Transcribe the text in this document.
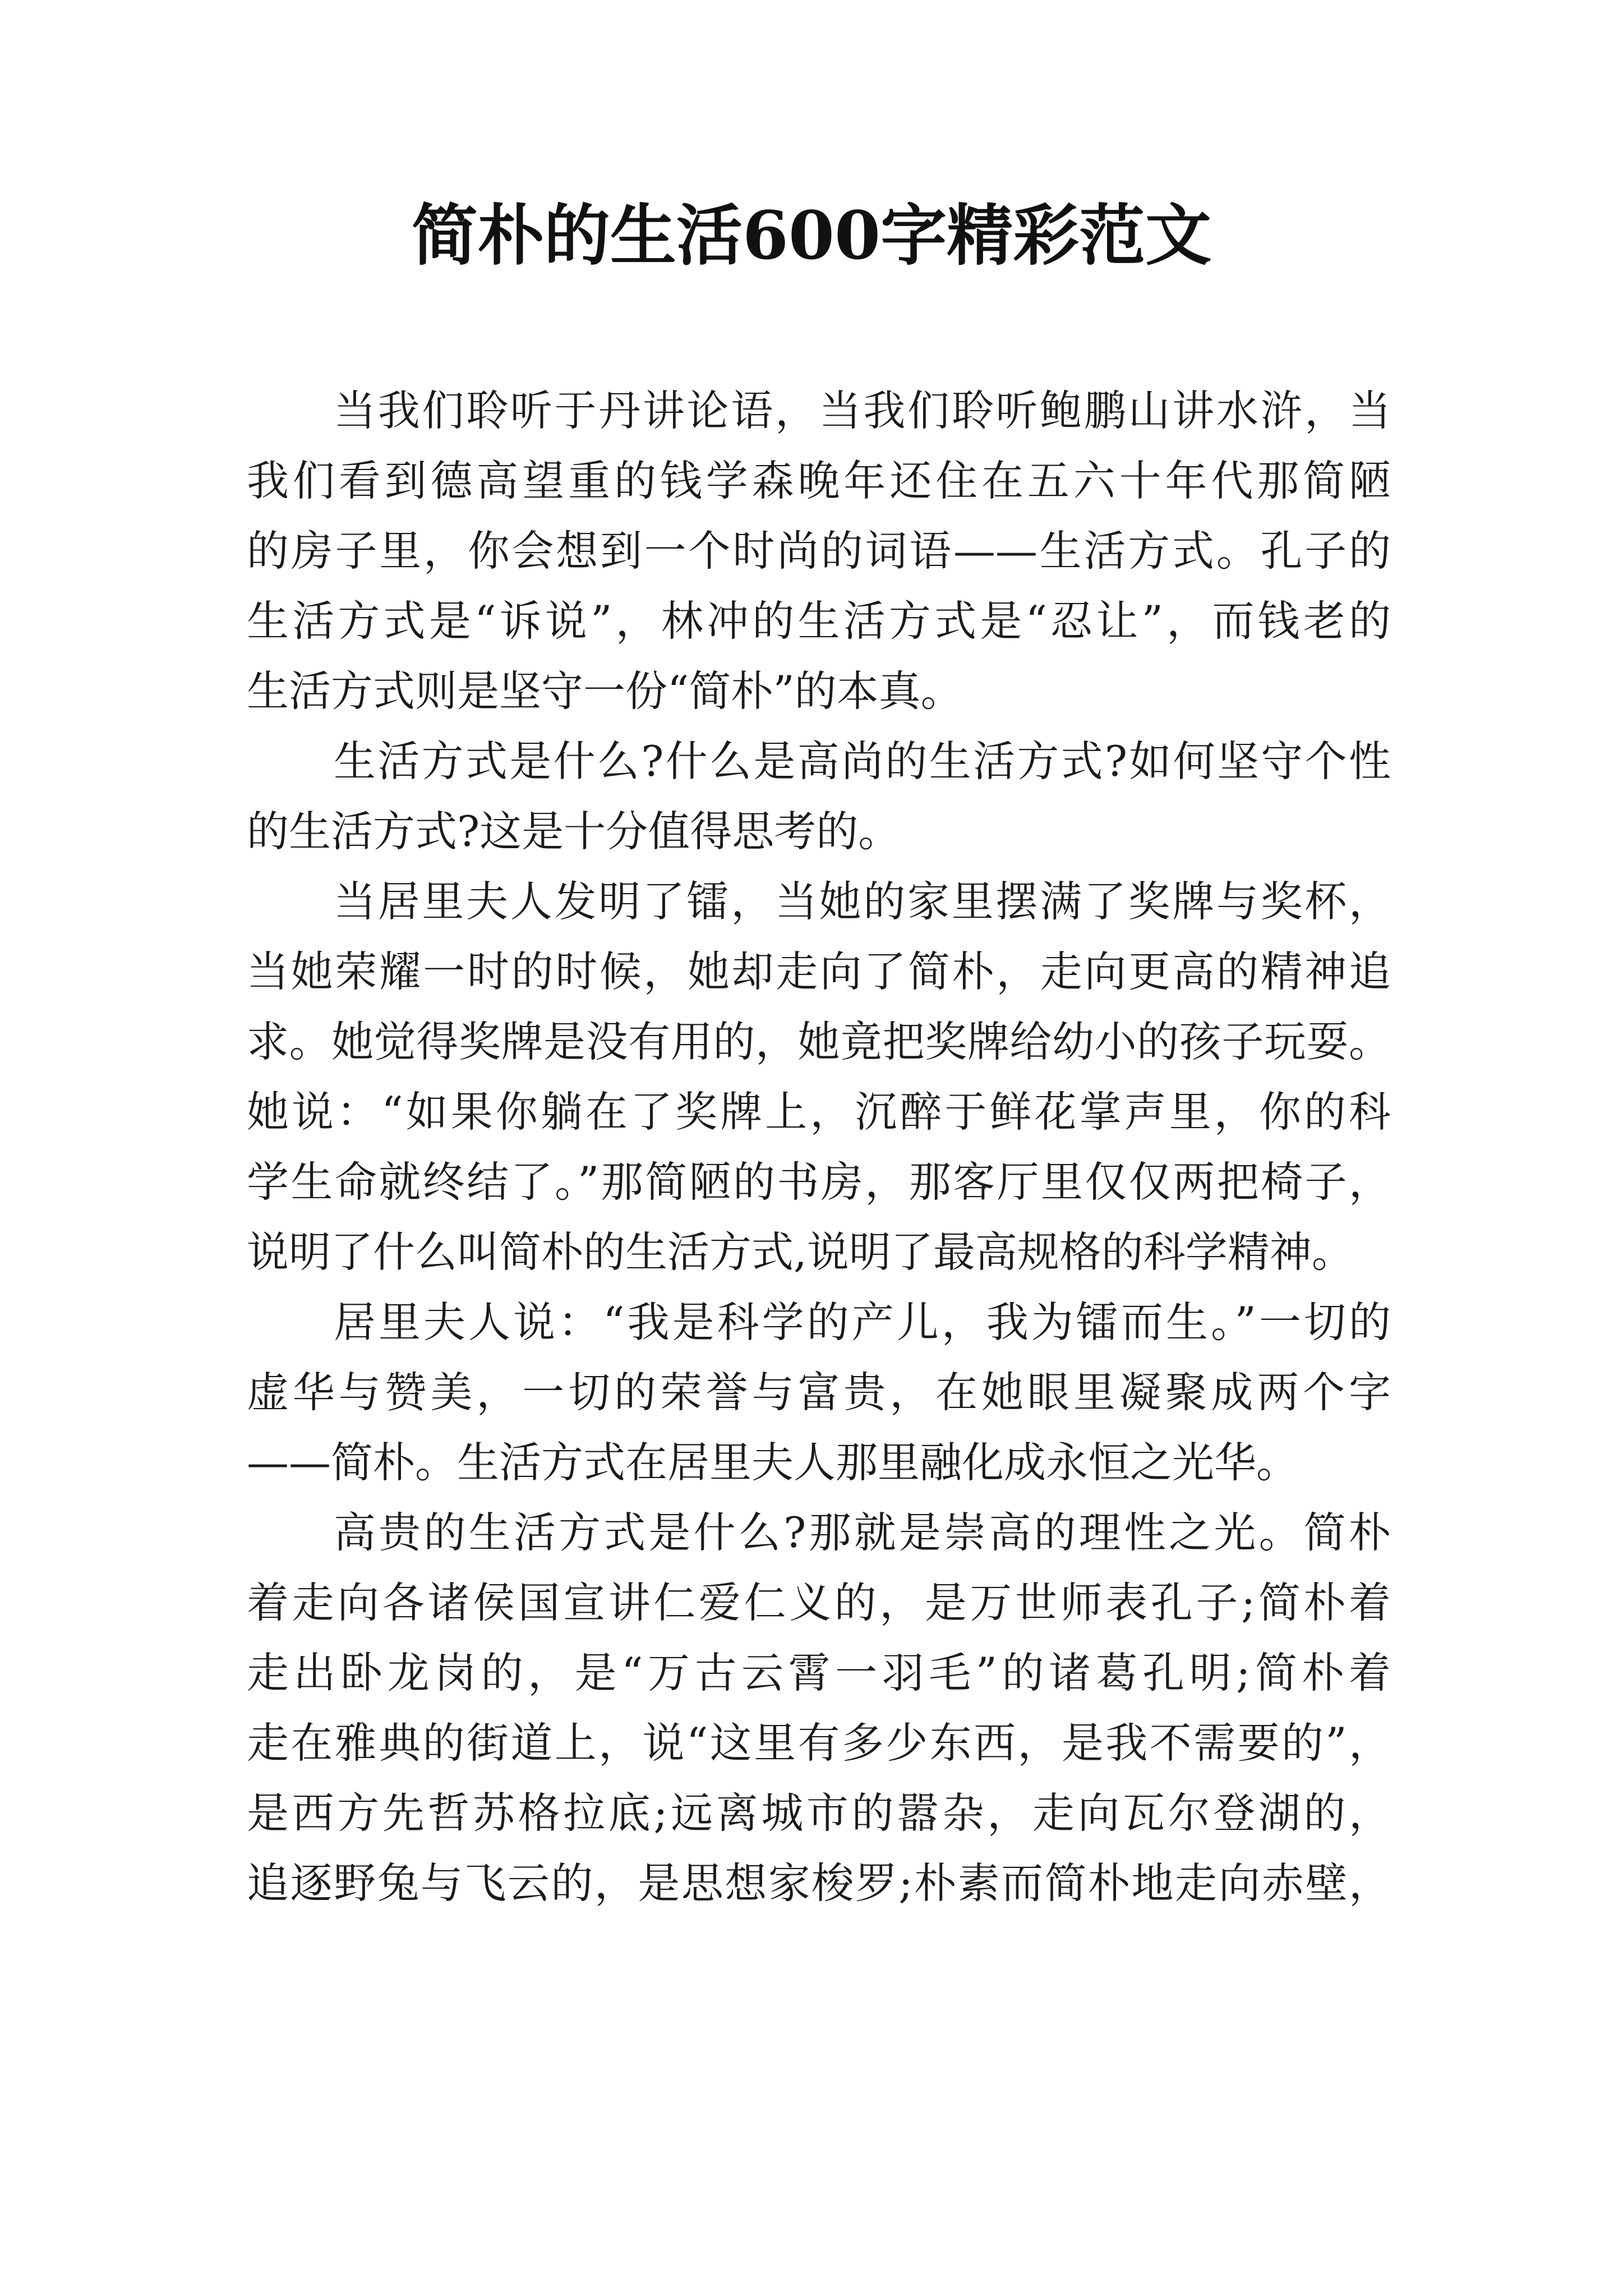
简朴的生活600字精彩范文
当我们聆听于丹讲论语，当我们聆听鲍鹏山讲水浒，当
我们看到德高望重的钱学森晚年还住在五六十年代那简陋
的房子里，你会想到一个时尚的词语——生活方式。孔子的
生活方式是“诉说”，林冲的生活方式是“忍让”，而钱老的
生活方式则是坚守一份“简朴”的本真。
生活方式是什么?什么是高尚的生活方式?如何坚守个性
的生活方式?这是十分值得思考的。
当居里夫人发明了镭，当她的家里摆满了奖牌与奖杯，
当她荣耀一时的时候，她却走向了简朴，走向更高的精神追
求。她觉得奖牌是没有用的，她竟把奖牌给幼小的孩子玩耍。
她说：“如果你躺在了奖牌上，沉醉于鲜花掌声里，你的科
学生命就终结了。”那简陋的书房，那客厅里仅仅两把椅子，
说明了什么叫简朴的生活方式,说明了最高规格的科学精神。
居里夫人说：“我是科学的产儿，我为镭而生。”一切的
虚华与赞美，一切的荣誉与富贵，在她眼里凝聚成两个字
——简朴。生活方式在居里夫人那里融化成永恒之光华。
高贵的生活方式是什么?那就是崇高的理性之光。简朴
着走向各诸侯国宣讲仁爱仁义的，是万世师表孔子;简朴着
走出卧龙岗的，是“万古云霄一羽毛”的诸葛孔明;简朴着
走在雅典的街道上，说“这里有多少东西，是我不需要的”，
是西方先哲苏格拉底;远离城市的嚣杂，走向瓦尔登湖的，
追逐野兔与飞云的，是思想家梭罗;朴素而简朴地走向赤壁，
